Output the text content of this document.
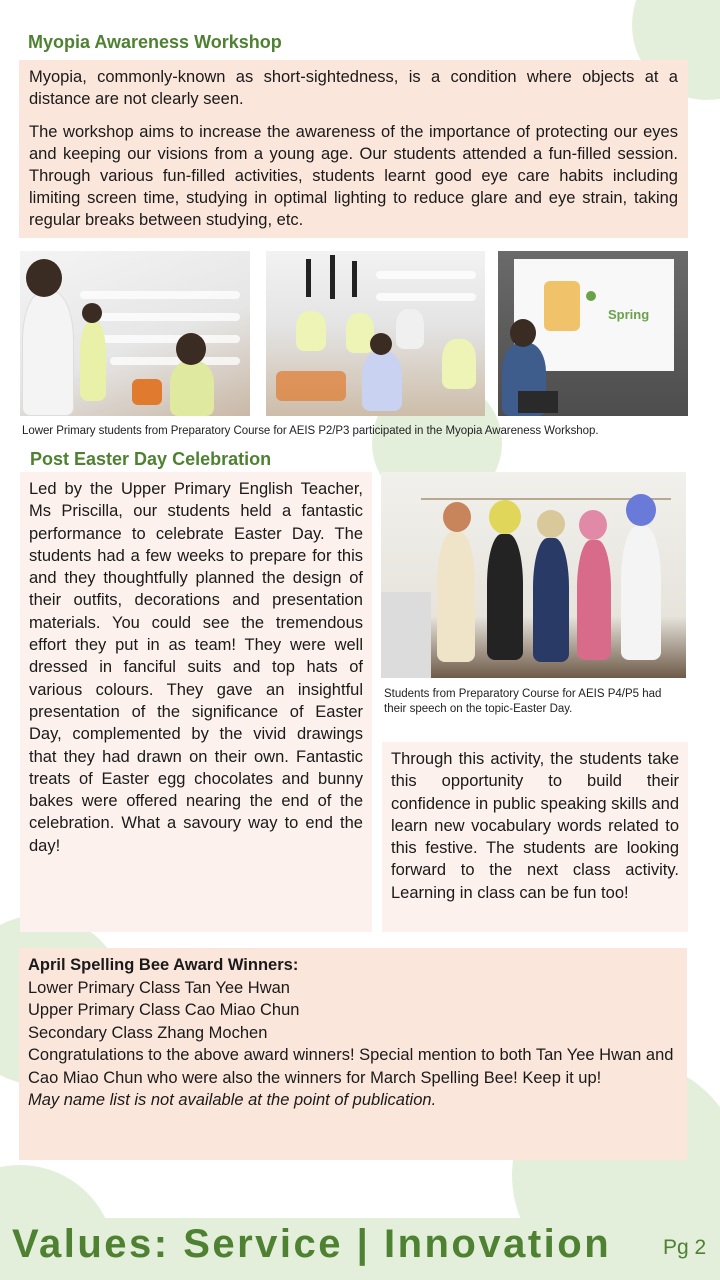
Myopia Awareness Workshop

Myopia, commonly-known as short-sightedness, is a condition where objects at a distance are not clearly seen.

The workshop aims to increase the awareness of the importance of protecting our eyes and keeping our visions from a young age. Our students attended a fun-filled session. Through various fun-filled activities, students learnt good eye care habits including limiting screen time, studying in optimal lighting to reduce glare and eye strain, taking regular breaks between studying, etc.

Spring
Lower Primary students from Preparatory Course for AEIS P2/P3 participated in the Myopia Awareness Workshop.
Post Easter Day Celebration

Led by the Upper Primary English Teacher, Ms Priscilla, our students held a fantastic performance to celebrate Easter Day. The students had a few weeks to prepare for this and they thoughtfully planned the design of their outfits, decorations and presentation materials. You could see the tremendous effort they put in as team! They were well dressed in fanciful suits and top hats of various colours. They gave an insightful presentation of the significance of Easter Day, complemented by the vivid drawings that they had drawn on their own. Fantastic treats of Easter egg chocolates and bunny bakes were offered nearing the end of the celebration. What a savoury way to end the day!

Students from Preparatory Course for AEIS P4/P5 had their speech on the topic-Easter Day.

Through this activity, the students take this opportunity to build their confidence in public speaking skills and learn new vocabulary words related to this festive. The students are looking forward to the next class activity. Learning in class can be fun too!

April Spelling Bee Award Winners:
Lower Primary Class Tan Yee Hwan
Upper Primary Class Cao Miao Chun
Secondary Class Zhang Mochen
Congratulations to the above award winners! Special mention to both Tan Yee Hwan and Cao Miao Chun who were also the winners for March Spelling Bee! Keep it up!
May name list is not available at the point of publication.
Values: Service | Innovation Pg 2
